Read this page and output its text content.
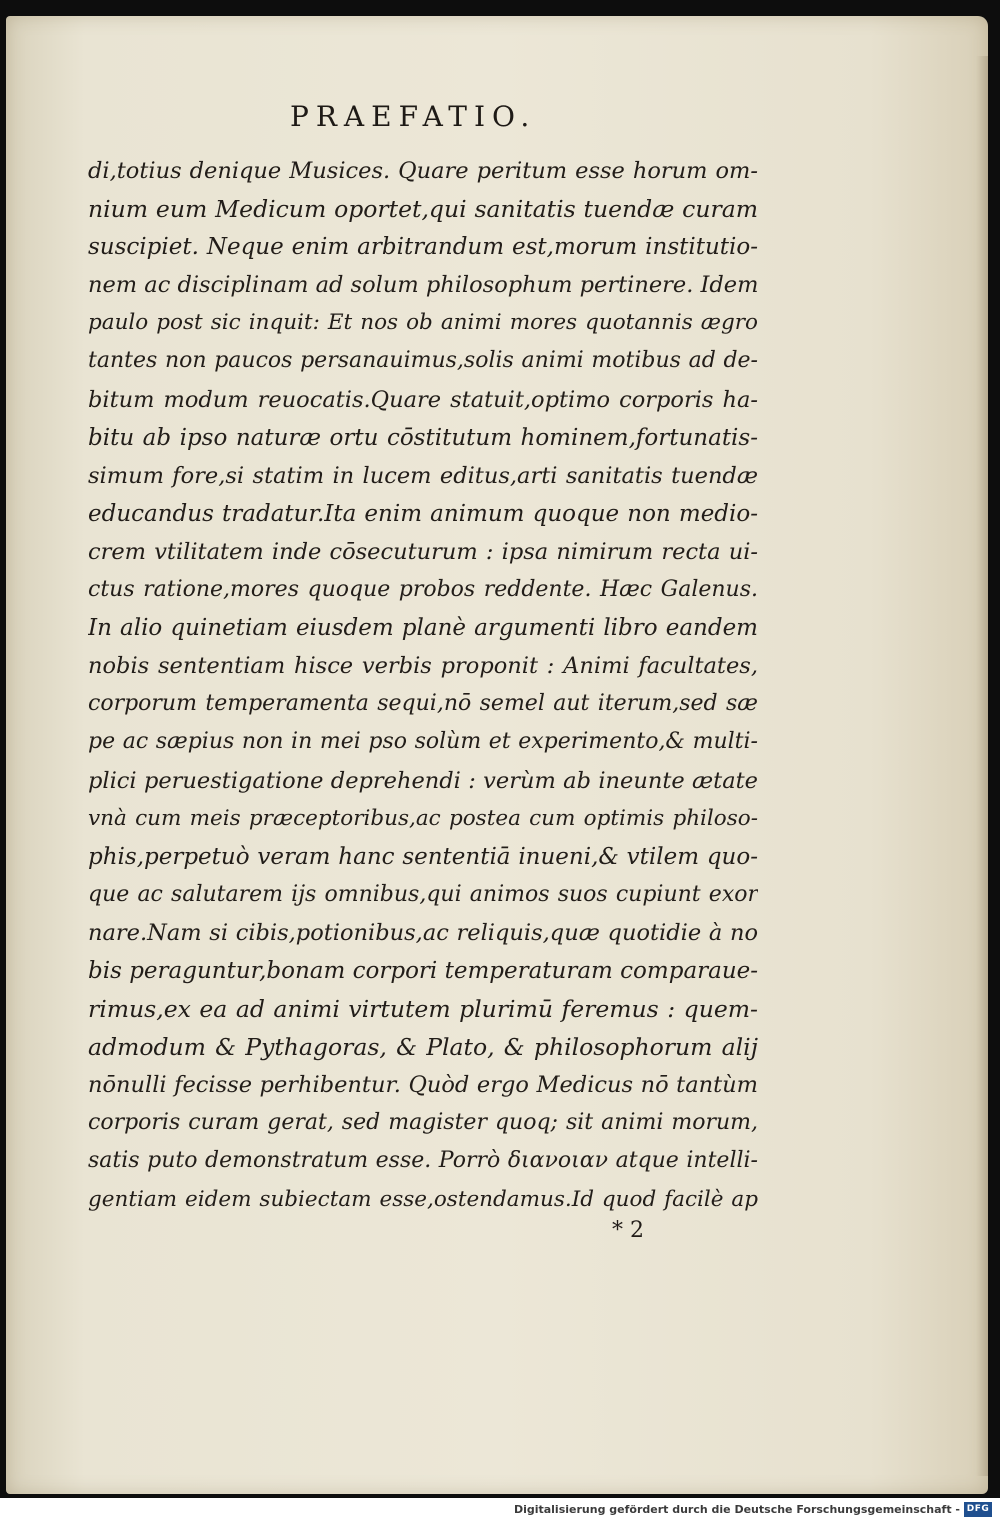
PRAEFATIO.
di,totius denique Musices. Quare peritum esse horum om-
nium eum Medicum oportet,qui sanitatis tuendæ curam
suscipiet. Neque enim arbitrandum est,morum institutio-
nem ac disciplinam ad solum philosophum pertinere. Idem
paulo post sic inquit: Et nos ob animi mores quotannis ægro
tantes non paucos persanauimus,solis animi motibus ad de-
bitum modum reuocatis.Quare statuit,optimo corporis ha-
bitu ab ipso naturæ ortu cōstitutum hominem,fortunatis-
simum fore,si statim in lucem editus,arti sanitatis tuendæ
educandus tradatur.Ita enim animum quoque non medio-
crem vtilitatem inde cōsecuturum : ipsa nimirum recta ui-
ctus ratione,mores quoque probos reddente. Hæc Galenus.
In alio quinetiam eiusdem planè argumenti libro eandem
nobis sententiam hisce verbis proponit : Animi facultates,
corporum temperamenta sequi,nō semel aut iterum,sed sæ
pe ac sæpius non in mei pso solùm et experimento,& multi-
plici peruestigatione deprehendi : verùm ab ineunte ætate
vnà cum meis præceptoribus,ac postea cum optimis philoso-
phis,perpetuò veram hanc sententiā inueni,& vtilem quo-
que ac salutarem ijs omnibus,qui animos suos cupiunt exor
nare.Nam si cibis,potionibus,ac reliquis,quæ quotidie à no
bis peraguntur,bonam corpori temperaturam comparaue-
rimus,ex ea ad animi virtutem plurimū feremus : quem-
admodum & Pythagoras, & Plato, & philosophorum alij
nōnulli fecisse perhibentur. Quòd ergo Medicus nō tantùm
corporis curam gerat, sed magister quoq; sit animi morum,
satis puto demonstratum esse. Porrò διανοιαν atque intelli-
gentiam eidem subiectam esse,ostendamus.Id quod facilè ap
* 2
Digitalisierung gefördert durch die Deutsche Forschungsgemeinschaft - DFG
